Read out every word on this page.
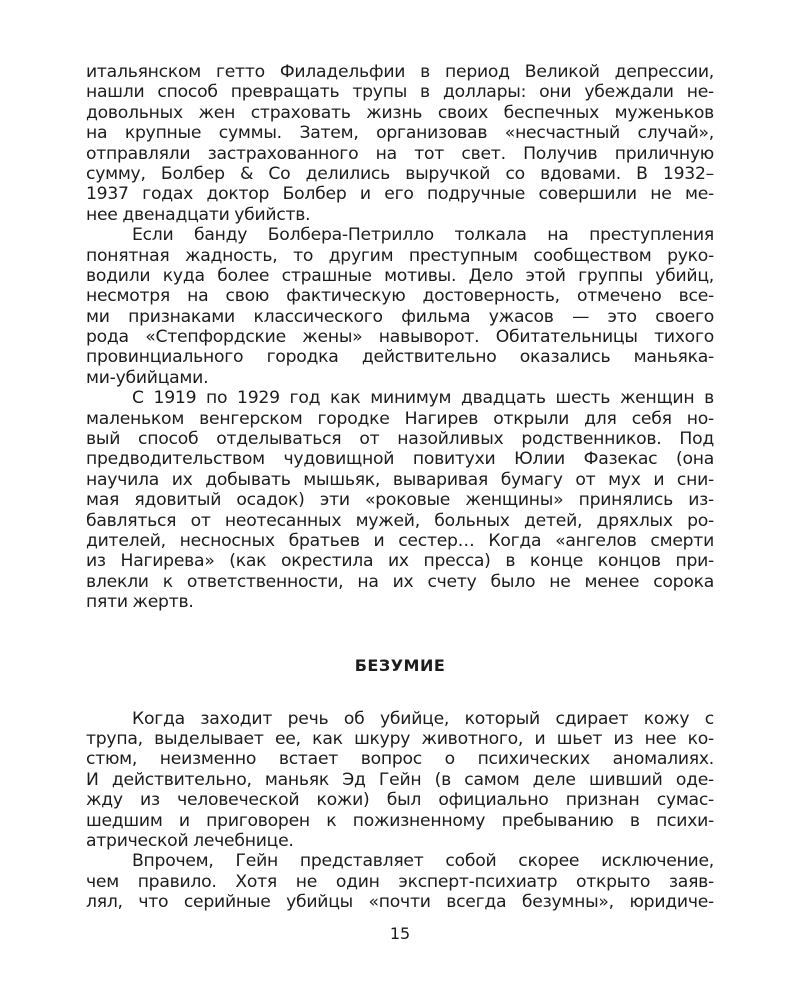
итальянском гетто Филадельфии в период Великой депрессии,
нашли способ превращать трупы в доллары: они убеждали не-
довольных жен страховать жизнь своих беспечных муженьков
на крупные суммы. Затем, организовав «несчастный случай»,
отправляли застрахованного на тот свет. Получив приличную
сумму, Болбер & Co делились выручкой со вдовами. В 1932–
1937 годах доктор Болбер и его подручные совершили не ме-
нее двенадцати убийств.
Если банду Болбера-Петрилло толкала на преступления
понятная жадность, то другим преступным сообществом руко-
водили куда более страшные мотивы. Дело этой группы убийц,
несмотря на свою фактическую достоверность, отмечено все-
ми признаками классического фильма ужасов — это своего
рода «Степфордские жены» навыворот. Обитательницы тихого
провинциального городка действительно оказались маньяка-
ми-убийцами.
С 1919 по 1929 год как минимум двадцать шесть женщин в
маленьком венгерском городке Нагирев открыли для себя но-
вый способ отделываться от назойливых родственников. Под
предводительством чудовищной повитухи Юлии Фазекас (она
научила их добывать мышьяк, вываривая бумагу от мух и сни-
мая ядовитый осадок) эти «роковые женщины» принялись из-
бавляться от неотесанных мужей, больных детей, дряхлых ро-
дителей, несносных братьев и сестер… Когда «ангелов смерти
из Нагирева» (как окрестила их пресса) в конце концов при-
влекли к ответственности, на их счету было не менее сорока
пяти жертв.
БЕЗУМИЕ
Когда заходит речь об убийце, который сдирает кожу с
трупа, выделывает ее, как шкуру животного, и шьет из нее ко-
стюм, неизменно встает вопрос о психических аномалиях.
И действительно, маньяк Эд Гейн (в самом деле шивший оде-
жду из человеческой кожи) был официально признан сумас-
шедшим и приговорен к пожизненному пребыванию в психи-
атрической лечебнице.
Впрочем, Гейн представляет собой скорее исключение,
чем правило. Хотя не один эксперт-психиатр открыто заяв-
лял, что серийные убийцы «почти всегда безумны», юридиче-
15
